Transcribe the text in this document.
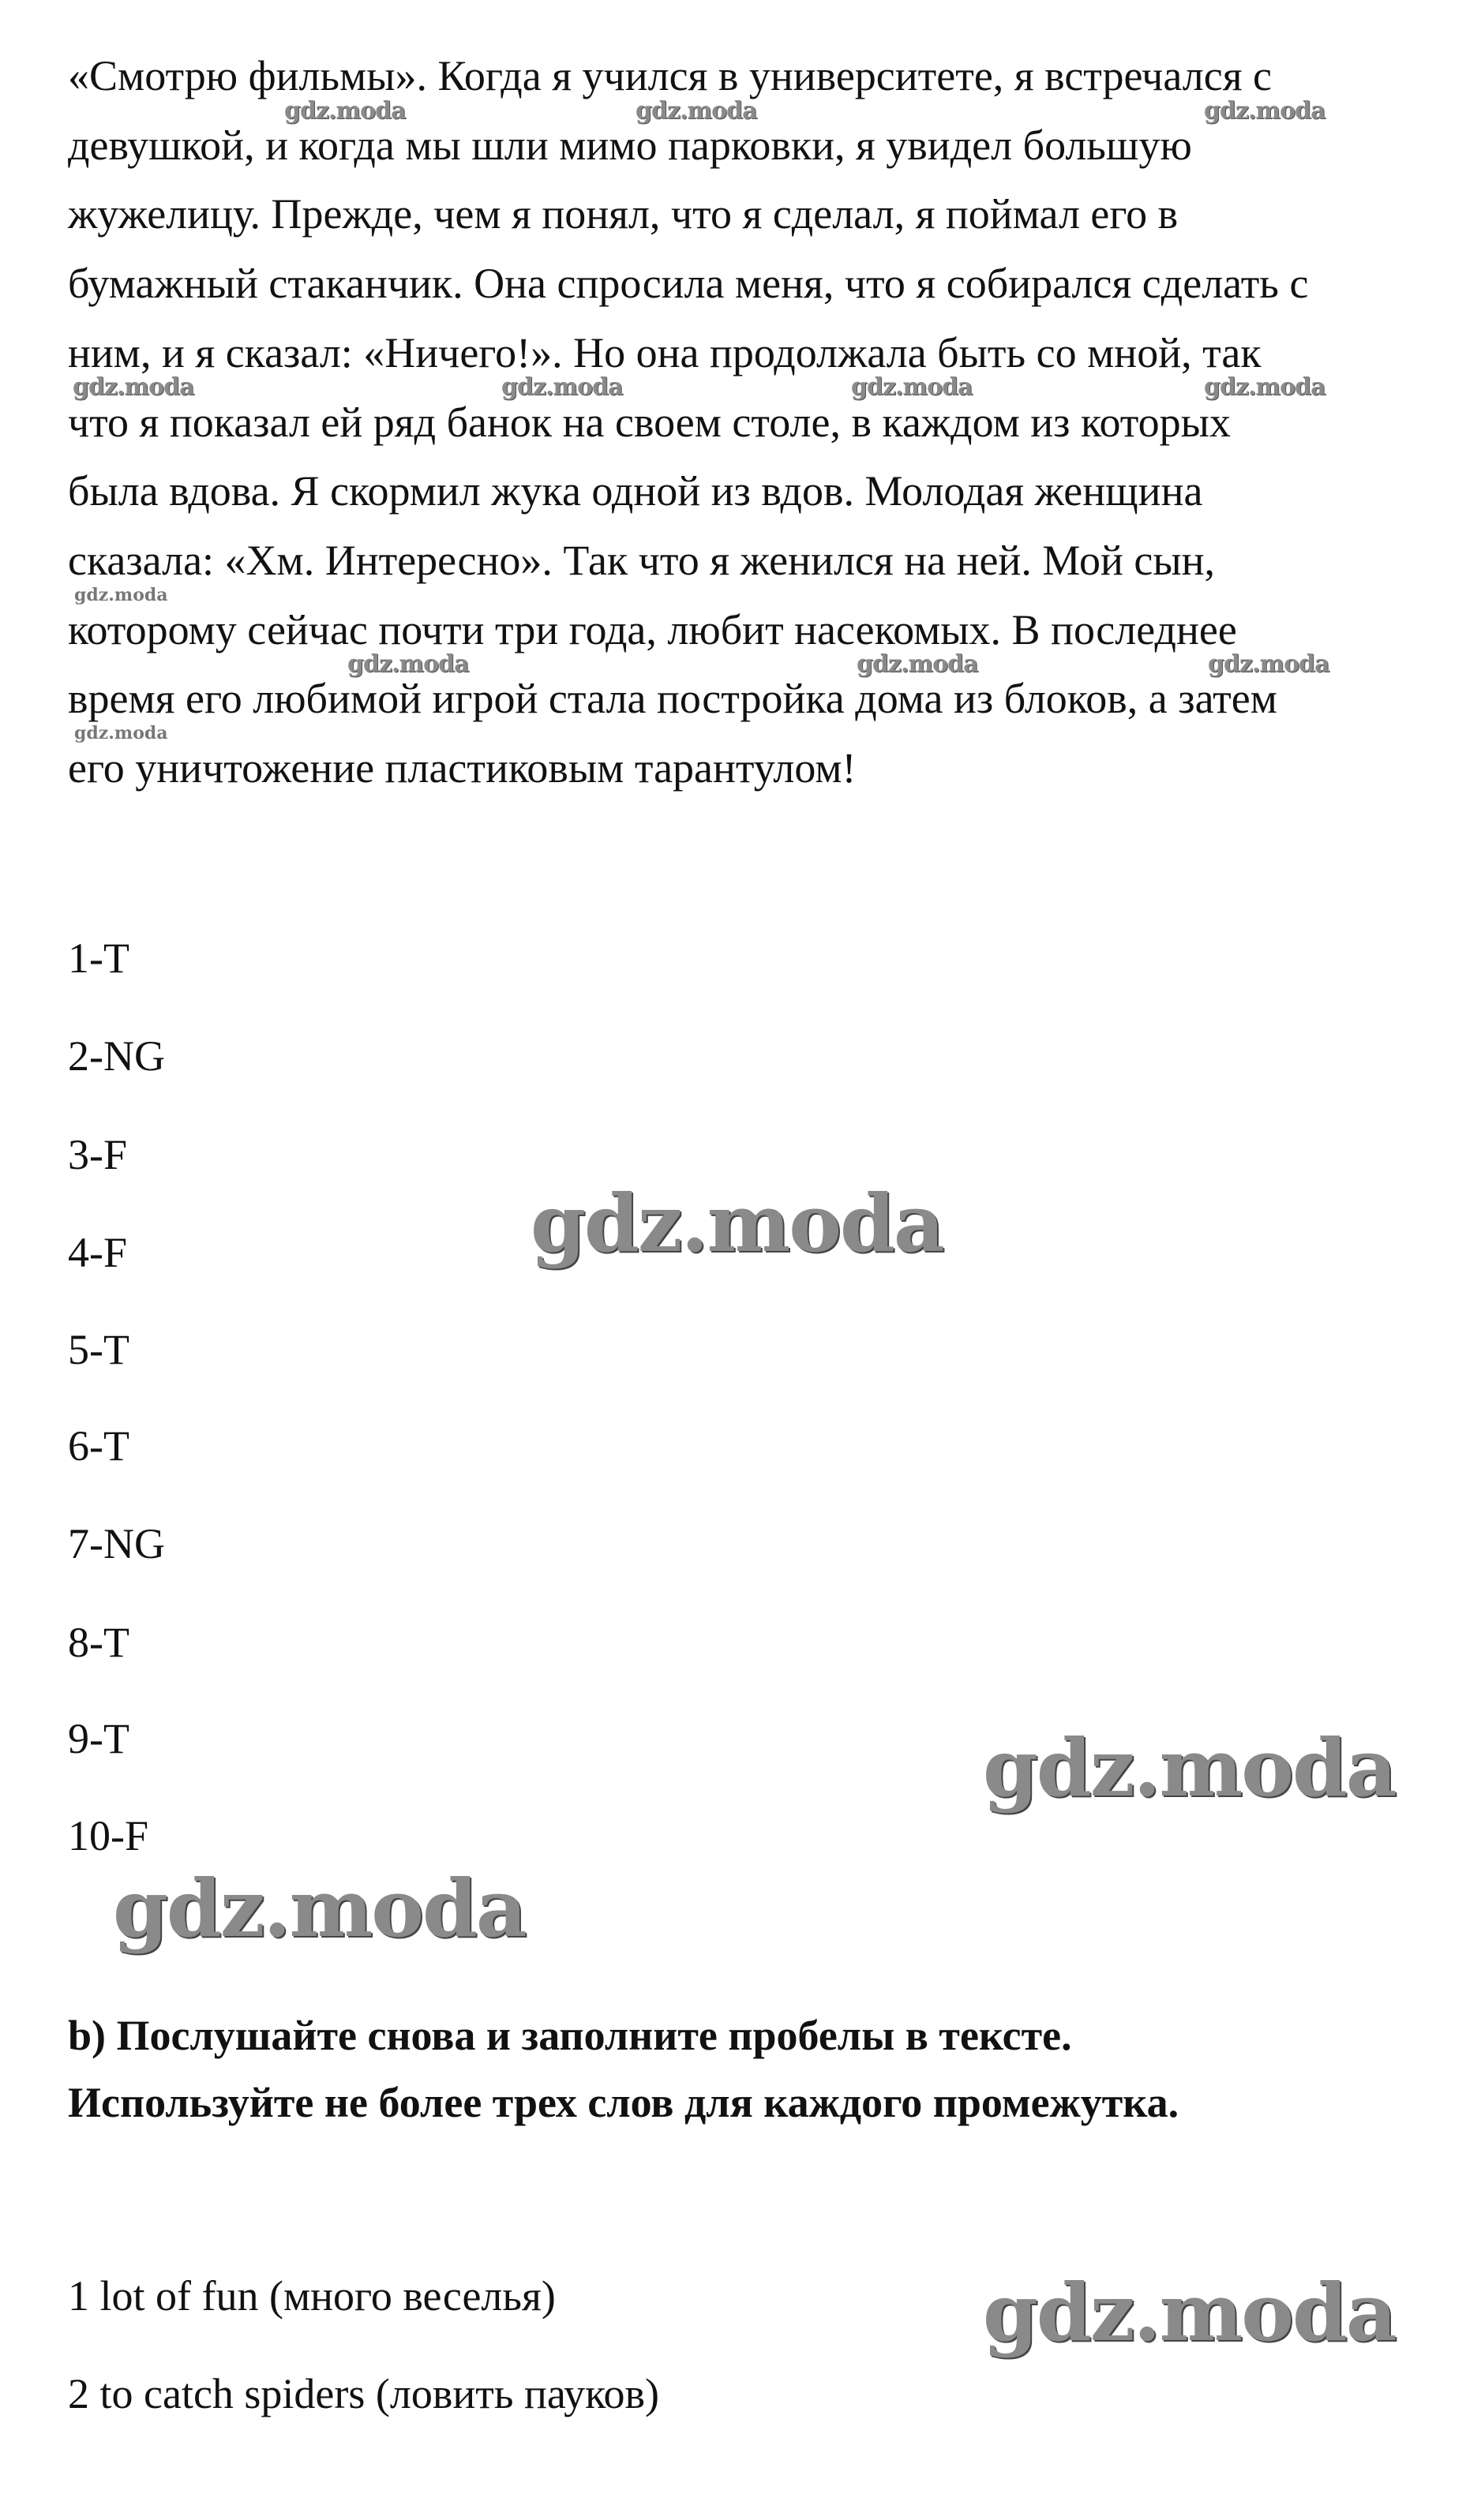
«Смотрю фильмы». Когда я учился в университете, я встречался с
девушкой, и когда мы шли мимо парковки, я увидел большую
жужелицу. Прежде, чем я понял, что я сделал, я поймал его в
бумажный стаканчик. Она спросила меня, что я собирался сделать с
ним, и я сказал: «Ничего!». Но она продолжала быть со мной, так
что я показал ей ряд банок на своем столе, в каждом из которых
была вдова. Я скормил жука одной из вдов. Молодая женщина
сказала: «Хм. Интересно». Так что я женился на ней. Мой сын,
которому сейчас почти три года, любит насекомых. В последнее
время его любимой игрой стала постройка дома из блоков, а затем
его уничтожение пластиковым тарантулом!
1-T
2-NG
3-F
4-F
5-T
6-T
7-NG
8-T
9-T
10-F
b) Послушайте снова и заполните пробелы в тексте.
Используйте не более трех слов для каждого промежутка.
1 lot of fun (много веселья)
2 to catch spiders (ловить пауков)
gdz.moda	gdz.moda	gdz.moda
gdz.moda	gdz.moda	gdz.moda	gdz.moda
gdz.moda
gdz.moda	gdz.moda	gdz.moda
gdz.moda
gdz.moda
gdz.moda
gdz.moda
gdz.moda
